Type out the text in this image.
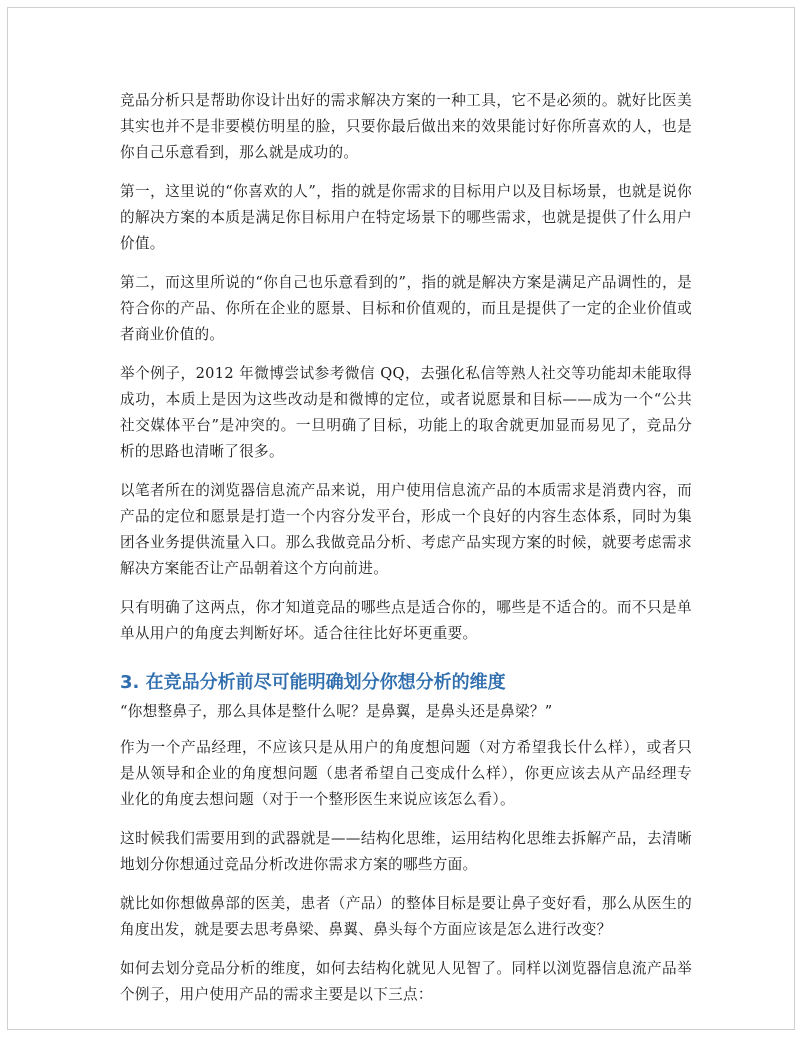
竞品分析只是帮助你设计出好的需求解决方案的一种工具，它不是必须的。就好比医美其实也并不是非要模仿明星的脸，只要你最后做出来的效果能讨好你所喜欢的人，也是你自己乐意看到，那么就是成功的。

第一，这里说的“你喜欢的人”，指的就是你需求的目标用户以及目标场景，也就是说你的解决方案的本质是满足你目标用户在特定场景下的哪些需求，也就是提供了什么用户价值。

第二，而这里所说的“你自己也乐意看到的”，指的就是解决方案是满足产品调性的，是符合你的产品、你所在企业的愿景、目标和价值观的，而且是提供了一定的企业价值或者商业价值的。

举个例子，2012 年微博尝试参考微信 QQ，去强化私信等熟人社交等功能却未能取得成功，本质上是因为这些改动是和微博的定位，或者说愿景和目标——成为一个“公共社交媒体平台”是冲突的。一旦明确了目标，功能上的取舍就更加显而易见了，竞品分析的思路也清晰了很多。

以笔者所在的浏览器信息流产品来说，用户使用信息流产品的本质需求是消费内容，而产品的定位和愿景是打造一个内容分发平台，形成一个良好的内容生态体系，同时为集团各业务提供流量入口。那么我做竞品分析、考虑产品实现方案的时候，就要考虑需求解决方案能否让产品朝着这个方向前进。

只有明确了这两点，你才知道竞品的哪些点是适合你的，哪些是不适合的。而不只是单单从用户的角度去判断好坏。适合往往比好坏更重要。

3. 在竞品分析前尽可能明确划分你想分析的维度

“你想整鼻子，那么具体是整什么呢？是鼻翼，是鼻头还是鼻梁？”

作为一个产品经理，不应该只是从用户的角度想问题（对方希望我长什么样），或者只是从领导和企业的角度想问题（患者希望自己变成什么样），你更应该去从产品经理专业化的角度去想问题（对于一个整形医生来说应该怎么看）。

这时候我们需要用到的武器就是——结构化思维，运用结构化思维去拆解产品，去清晰地划分你想通过竞品分析改进你需求方案的哪些方面。

就比如你想做鼻部的医美，患者（产品）的整体目标是要让鼻子变好看，那么从医生的角度出发，就是要去思考鼻梁、鼻翼、鼻头每个方面应该是怎么进行改变？

如何去划分竞品分析的维度，如何去结构化就见人见智了。同样以浏览器信息流产品举个例子，用户使用产品的需求主要是以下三点：
